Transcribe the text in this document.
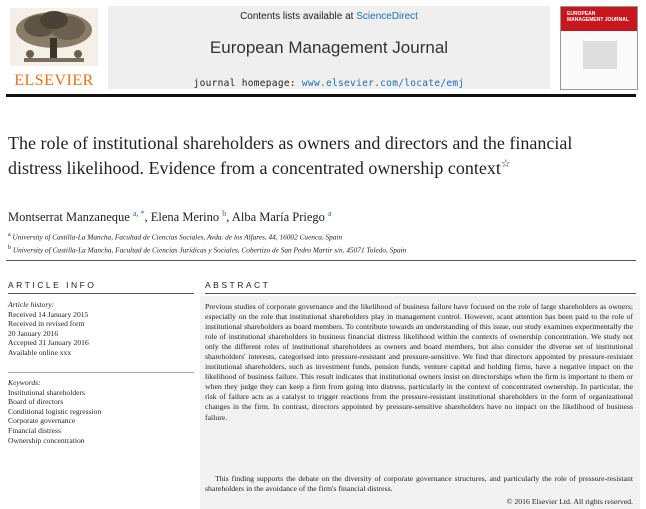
ELSEVIER
Contents lists available at ScienceDirect
European Management Journal
journal homepage: www.elsevier.com/locate/emj
EUROPEAN MANAGEMENT JOURNAL
The role of institutional shareholders as owners and directors and the financial distress likelihood. Evidence from a concentrated ownership context☆
Montserrat Manzaneque $^{a, *}$, Elena Merino $^b$, Alba María Priego $^a$
$^a$ University of Castilla-La Mancha, Facultad de Ciencias Sociales, Avda. de los Alfares, 44, 16002 Cuenca, Spain
$^b$ University of Castilla-La Mancha, Facultad de Ciencias Jurídicas y Sociales, Cobertizo de San Pedro Martir s/n, 45071 Toledo, Spain
ARTICLE INFO
Article history:
Received 14 January 2015
Received in revised form
20 January 2016
Accepted 31 January 2016
Available online xxx
Keywords:
Institutional shareholders
Board of directors
Conditional logistic regression
Corporate governance
Financial distress
Ownership concentration
ABSTRACT

Previous studies of corporate governance and the likelihood of business failure have focused on the role of large shareholders as owners; especially on the role that institutional shareholders play in management control. However, scant attention has been paid to the role of institutional shareholders as board members. To contribute towards an understanding of this issue, our study examines experimentally the role of institutional shareholders in business financial distress likelihood within the contexts of ownership concentration. We study not only the different roles of institutional shareholders as owners and board members, but also consider the diverse set of institutional shareholders' interests, categorised into pressure-resistant and pressure-sensitive. We find that directors appointed by pressure-resistant institutional shareholders, such as investment funds, pension funds, venture capital and holding firms, have a negative impact on the likelihood of business failure. This result indicates that institutional owners insist on directorships when the firm is important to them or when they judge they can keep a firm from going into distress, particularly in the context of concentrated ownership. In particular, the risk of failure acts as a catalyst to trigger reactions from the pressure-resistant institutional shareholders in the form of organizational changes in the firm. In contrast, directors appointed by pressure-sensitive shareholders have no impact on the likelihood of business failure.

This finding supports the debate on the diversity of corporate governance structures, and particularly the role of pressure-resistant shareholders in the avoidance of the firm's financial distress.

© 2016 Elsevier Ltd. All rights reserved.
